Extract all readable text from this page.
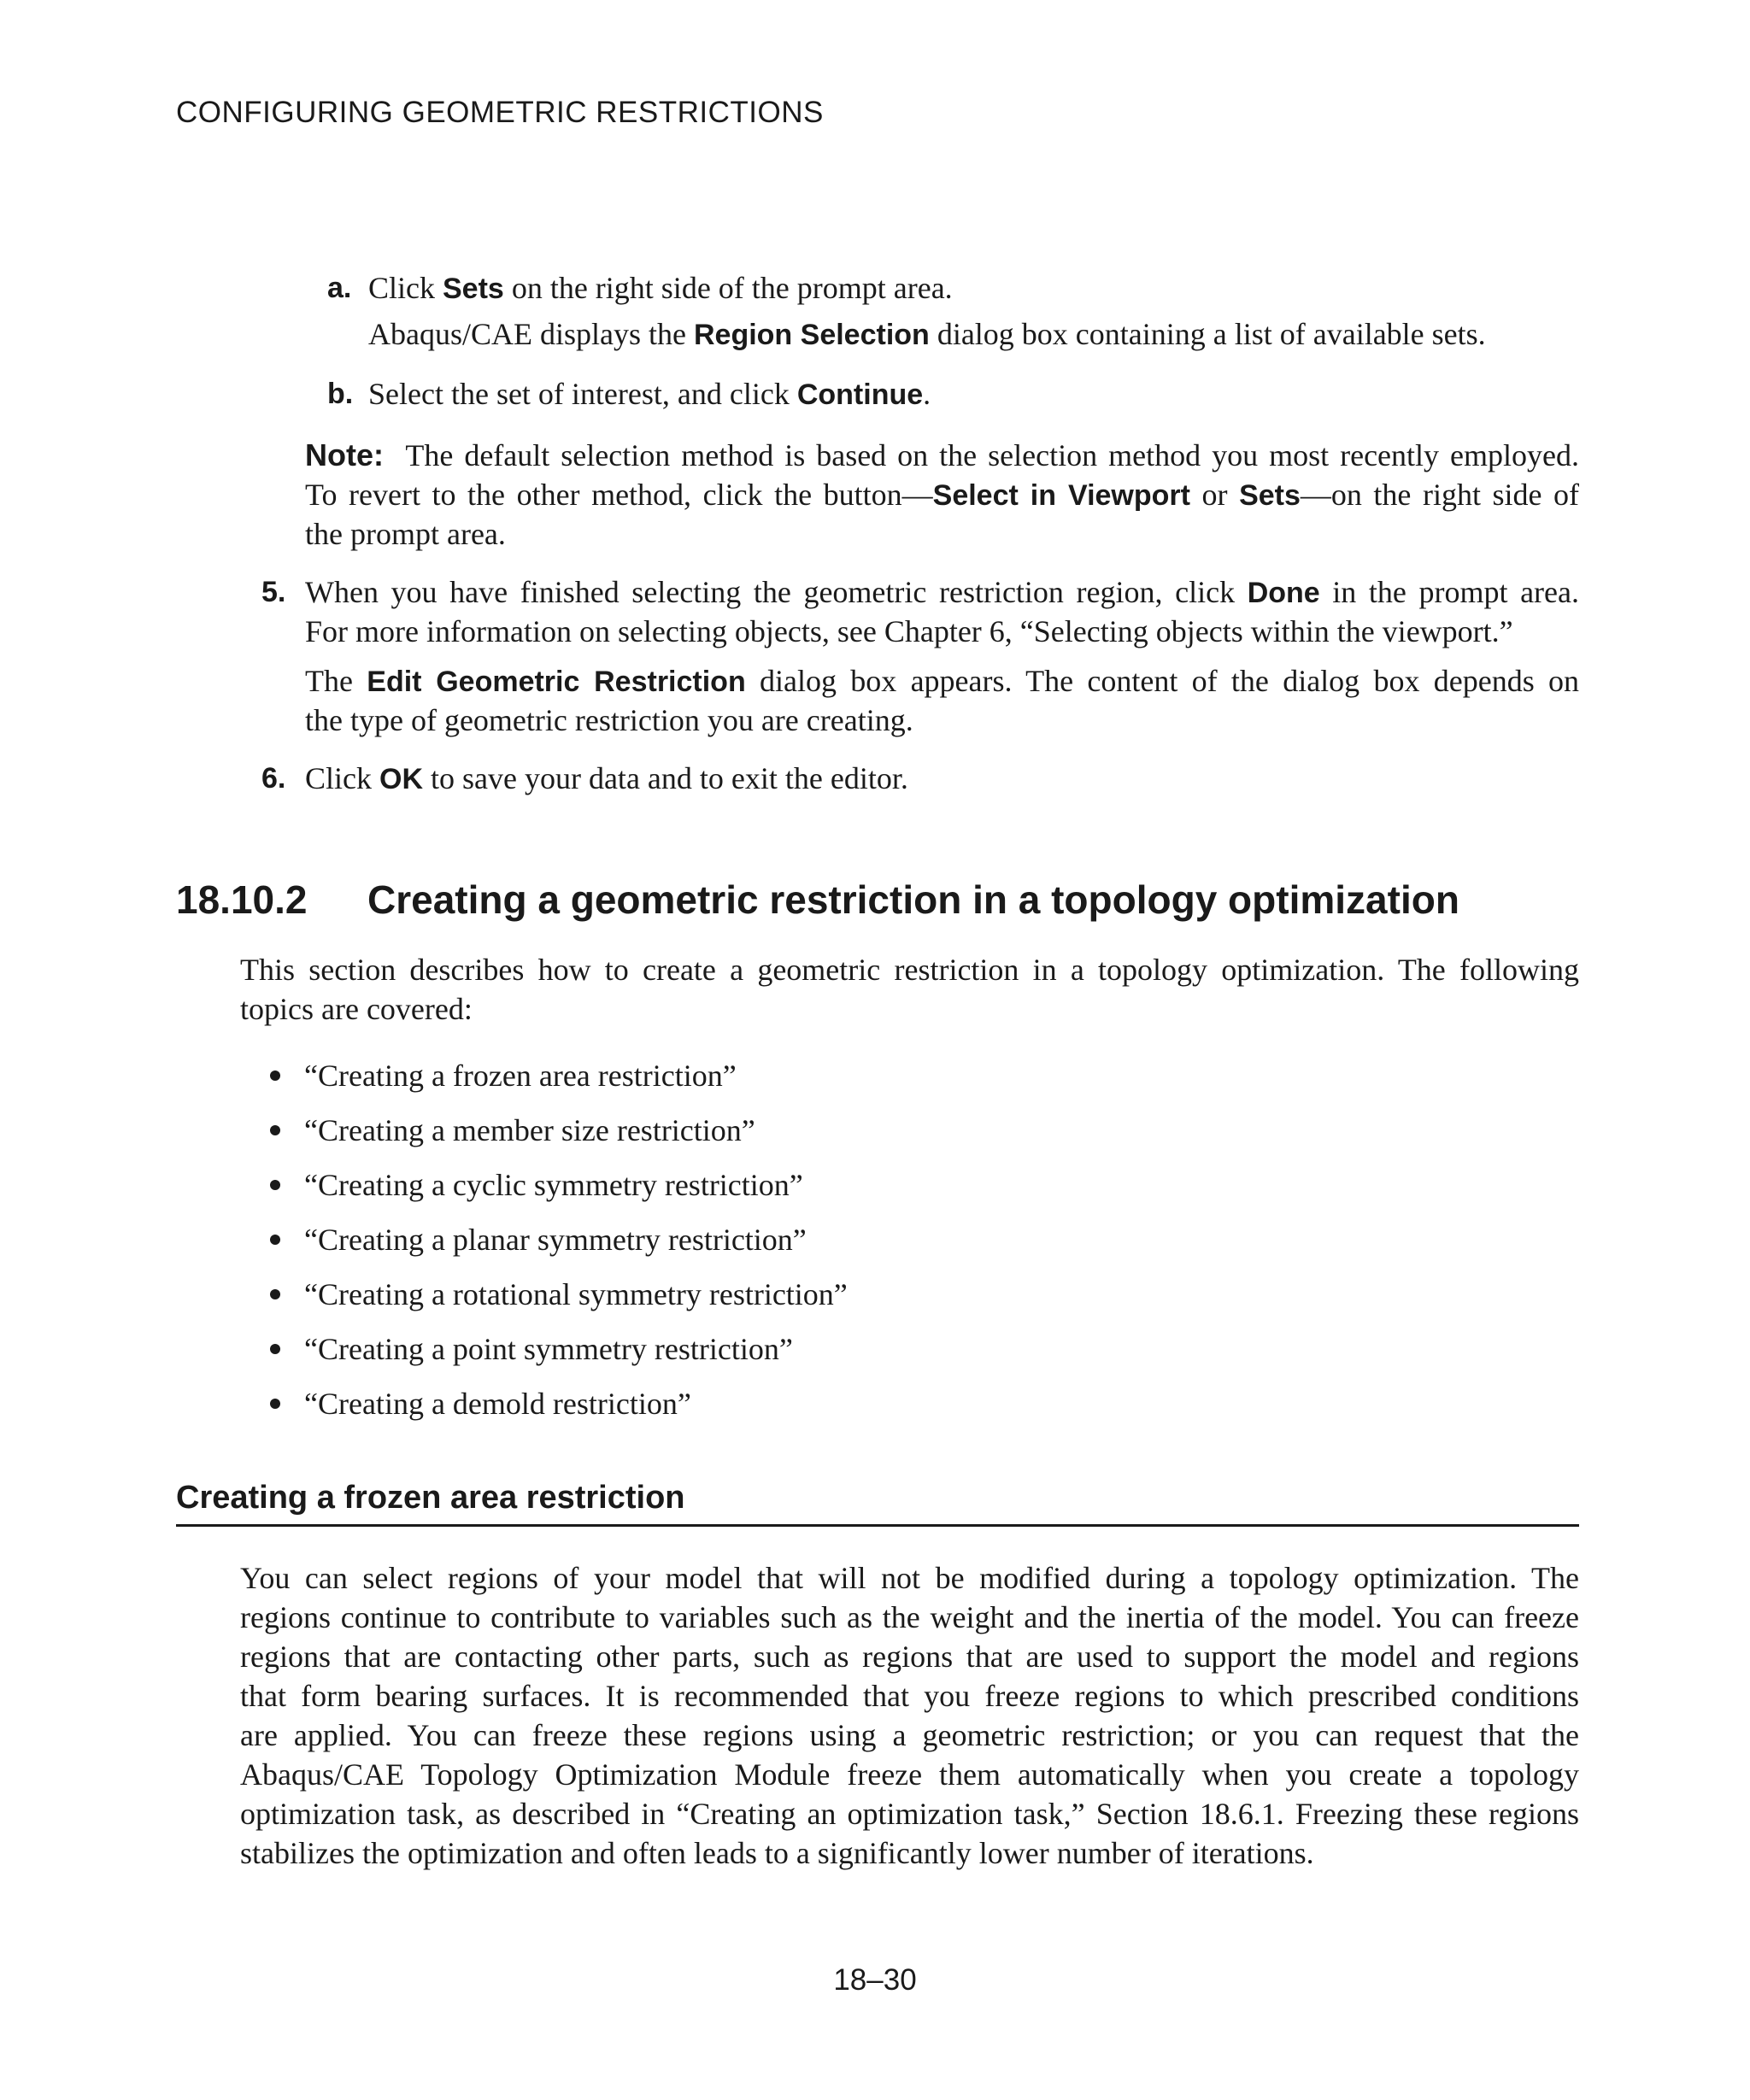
CONFIGURING GEOMETRIC RESTRICTIONS
a. Click Sets on the right side of the prompt area.
Abaqus/CAE displays the Region Selection dialog box containing a list of available sets.
b. Select the set of interest, and click Continue.
Note: The default selection method is based on the selection method you most recently employed.
To revert to the other method, click the button—Select in Viewport or Sets—on the right side of
the prompt area.
5. When you have finished selecting the geometric restriction region, click Done in the prompt area.
For more information on selecting objects, see Chapter 6, “Selecting objects within the viewport.”
The Edit Geometric Restriction dialog box appears. The content of the dialog box depends on
the type of geometric restriction you are creating.
6. Click OK to save your data and to exit the editor.
18.10.2 Creating a geometric restriction in a topology optimization
This section describes how to create a geometric restriction in a topology optimization. The following
topics are covered:
“Creating a frozen area restriction”
“Creating a member size restriction”
“Creating a cyclic symmetry restriction”
“Creating a planar symmetry restriction”
“Creating a rotational symmetry restriction”
“Creating a point symmetry restriction”
“Creating a demold restriction”
Creating a frozen area restriction
You can select regions of your model that will not be modified during a topology optimization. The
regions continue to contribute to variables such as the weight and the inertia of the model. You can freeze
regions that are contacting other parts, such as regions that are used to support the model and regions
that form bearing surfaces. It is recommended that you freeze regions to which prescribed conditions
are applied. You can freeze these regions using a geometric restriction; or you can request that the
Abaqus/CAE Topology Optimization Module freeze them automatically when you create a topology
optimization task, as described in “Creating an optimization task,” Section 18.6.1. Freezing these regions
stabilizes the optimization and often leads to a significantly lower number of iterations.
18–30
